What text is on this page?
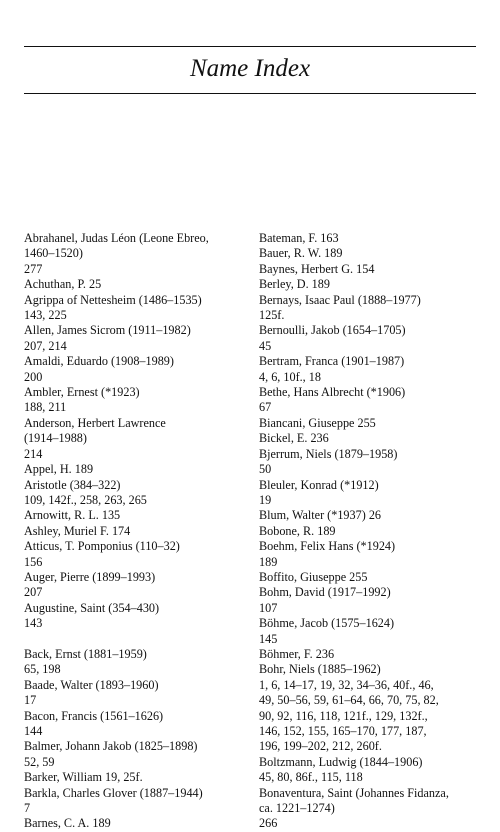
Name Index

Abrahanel, Judas Léon (Leone Ebreo,
1460–1520)
277

Achuthan, P. 25

Agrippa of Nettesheim (1486–1535)
143, 225

Allen, James Sicrom (1911–1982)
207, 214

Amaldi, Eduardo (1908–1989)
200

Ambler, Ernest (*1923)
188, 211

Anderson, Herbert Lawrence
(1914–1988)
214

Appel, H. 189

Aristotle (384–322)
109, 142f., 258, 263, 265

Arnowitt, R. L. 135

Ashley, Muriel F. 174

Atticus, T. Pomponius (110–32)
156

Auger, Pierre (1899–1993)
207

Augustine, Saint (354–430)
143

Back, Ernst (1881–1959)
65, 198

Baade, Walter (1893–1960)
17

Bacon, Francis (1561–1626)
144

Balmer, Johann Jakob (1825–1898)
52, 59

Barker, William 19, 25f.

Barkla, Charles Glover (1887–1944)
7

Barnes, C. A. 189

Bateman, F. 163

Bauer, R. W. 189

Baynes, Herbert G. 154

Berley, D. 189

Bernays, Isaac Paul (1888–1977)
125f.

Bernoulli, Jakob (1654–1705)
45

Bertram, Franca (1901–1987)
4, 6, 10f., 18

Bethe, Hans Albrecht (*1906)
67

Biancani, Giuseppe 255

Bickel, E. 236

Bjerrum, Niels (1879–1958)
50

Bleuler, Konrad (*1912)
19

Blum, Walter (*1937) 26

Bobone, R. 189

Boehm, Felix Hans (*1924)
189

Boffito, Giuseppe 255

Bohm, David (1917–1992)
107

Böhme, Jacob (1575–1624)
145

Böhmer, F. 236

Bohr, Niels (1885–1962)
1, 6, 14–17, 19, 32, 34–36, 40f., 46,
49, 50–56, 59, 61–64, 66, 70, 75, 82,
90, 92, 116, 118, 121f., 129, 132f.,
146, 152, 155, 165–170, 177, 187,
196, 199–202, 212, 260f.

Boltzmann, Ludwig (1844–1906)
45, 80, 86f., 115, 118

Bonaventura, Saint (Johannes Fidanza,
ca. 1221–1274)
266
